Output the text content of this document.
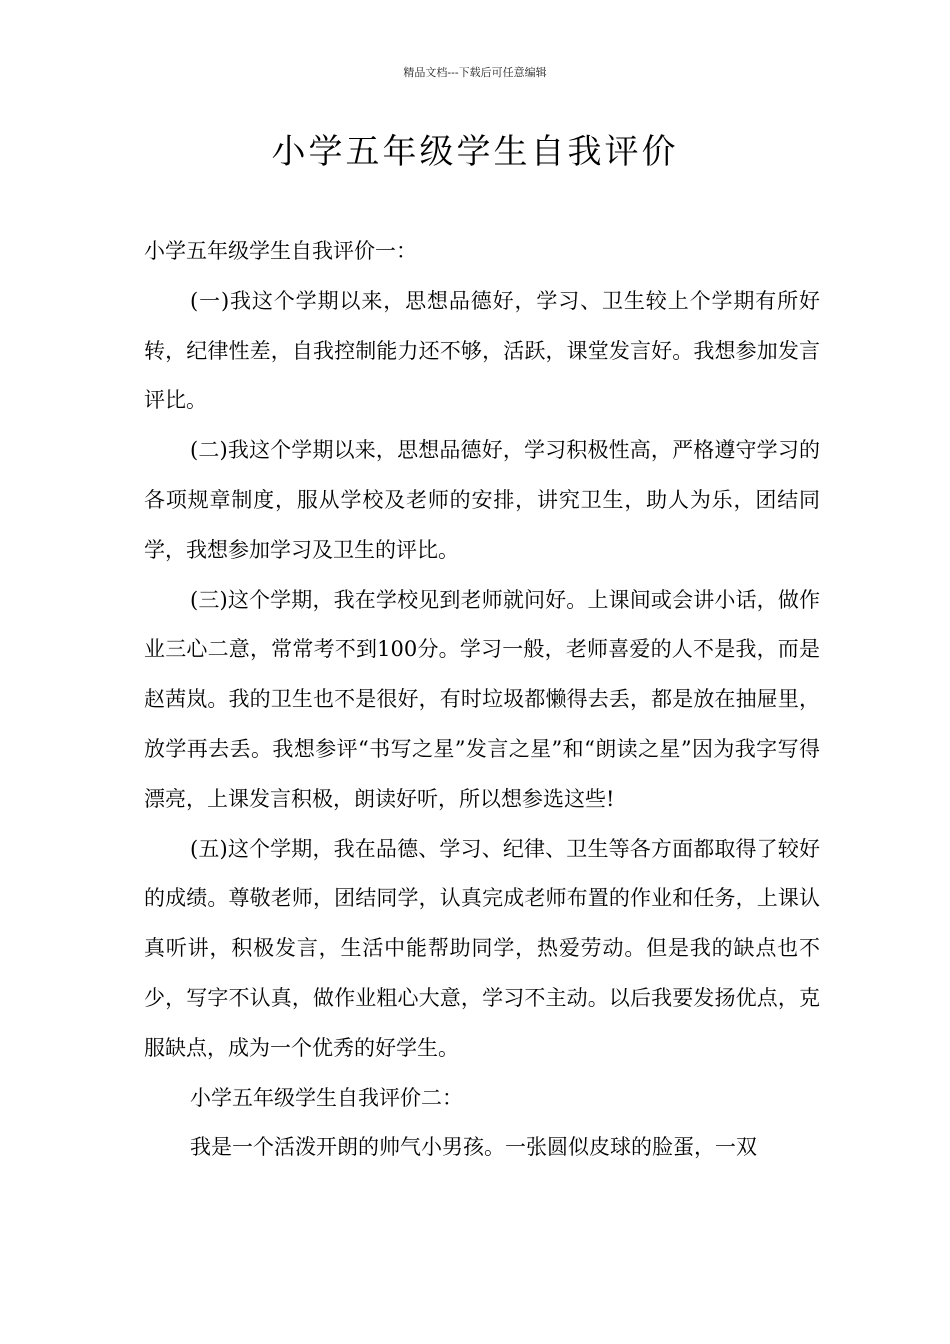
精品文档---下载后可任意编辑
小学五年级学生自我评价

小学五年级学生自我评价一：

(一)我这个学期以来，思想品德好，学习、卫生较上个学期有所好转，纪律性差，自我控制能力还不够，活跃，课堂发言好。我想参加发言评比。

(二)我这个学期以来，思想品德好，学习积极性高，严格遵守学习的各项规章制度，服从学校及老师的安排，讲究卫生，助人为乐，团结同学，我想参加学习及卫生的评比。

(三)这个学期，我在学校见到老师就问好。上课间或会讲小话，做作业三心二意，常常考不到100分。学习一般，老师喜爱的人不是我，而是赵茜岚。我的卫生也不是很好，有时垃圾都懒得去丢，都是放在抽屉里，放学再去丢。我想参评“书写之星”发言之星”和“朗读之星”因为我字写得漂亮，上课发言积极，朗读好听，所以想参选这些!

(五)这个学期，我在品德、学习、纪律、卫生等各方面都取得了较好的成绩。尊敬老师，团结同学，认真完成老师布置的作业和任务，上课认真听讲，积极发言，生活中能帮助同学，热爱劳动。但是我的缺点也不少，写字不认真，做作业粗心大意，学习不主动。以后我要发扬优点，克服缺点，成为一个优秀的好学生。

小学五年级学生自我评价二：

我是一个活泼开朗的帅气小男孩。一张圆似皮球的脸蛋，一双
